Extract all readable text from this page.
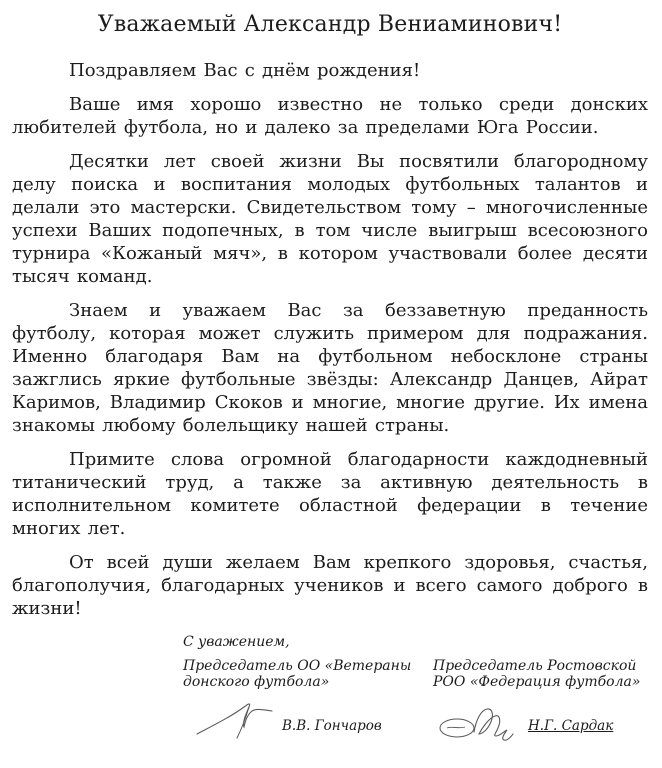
Уважаемый Александр Вениаминович!

Поздравляем Вас с днём рождения!

Ваше имя хорошо известно не только среди донских любителей футбола, но и далеко за пределами Юга России.

Десятки лет своей жизни Вы посвятили благородному делу поиска и воспитания молодых футбольных талантов и делали это мастерски. Свидетельством тому – многочисленные успехи Ваших подопечных, в том числе выигрыш всесоюзного турнира «Кожаный мяч», в котором участвовали более десяти тысяч команд.

Знаем и уважаем Вас за беззаветную преданность футболу, которая может служить примером для подражания. Именно благодаря Вам на футбольном небосклоне страны зажглись яркие футбольные звёзды: Александр Данцев, Айрат Каримов, Владимир Скоков и многие, многие другие. Их имена знакомы любому болельщику нашей страны.

Примите слова огромной благодарности каждодневный титанический труд, а также за активную деятельность в исполнительном комитете областной федерации в течение многих лет.

От всей души желаем Вам крепкого здоровья, счастья, благополучия, благодарных учеников и всего самого доброго в жизни!

С уважением,
Председатель ОО «Ветераны донского футбола»
Председатель Ростовской РОО «Федерация футбола»
В.В. Гончаров	Н.Г. Сардак
